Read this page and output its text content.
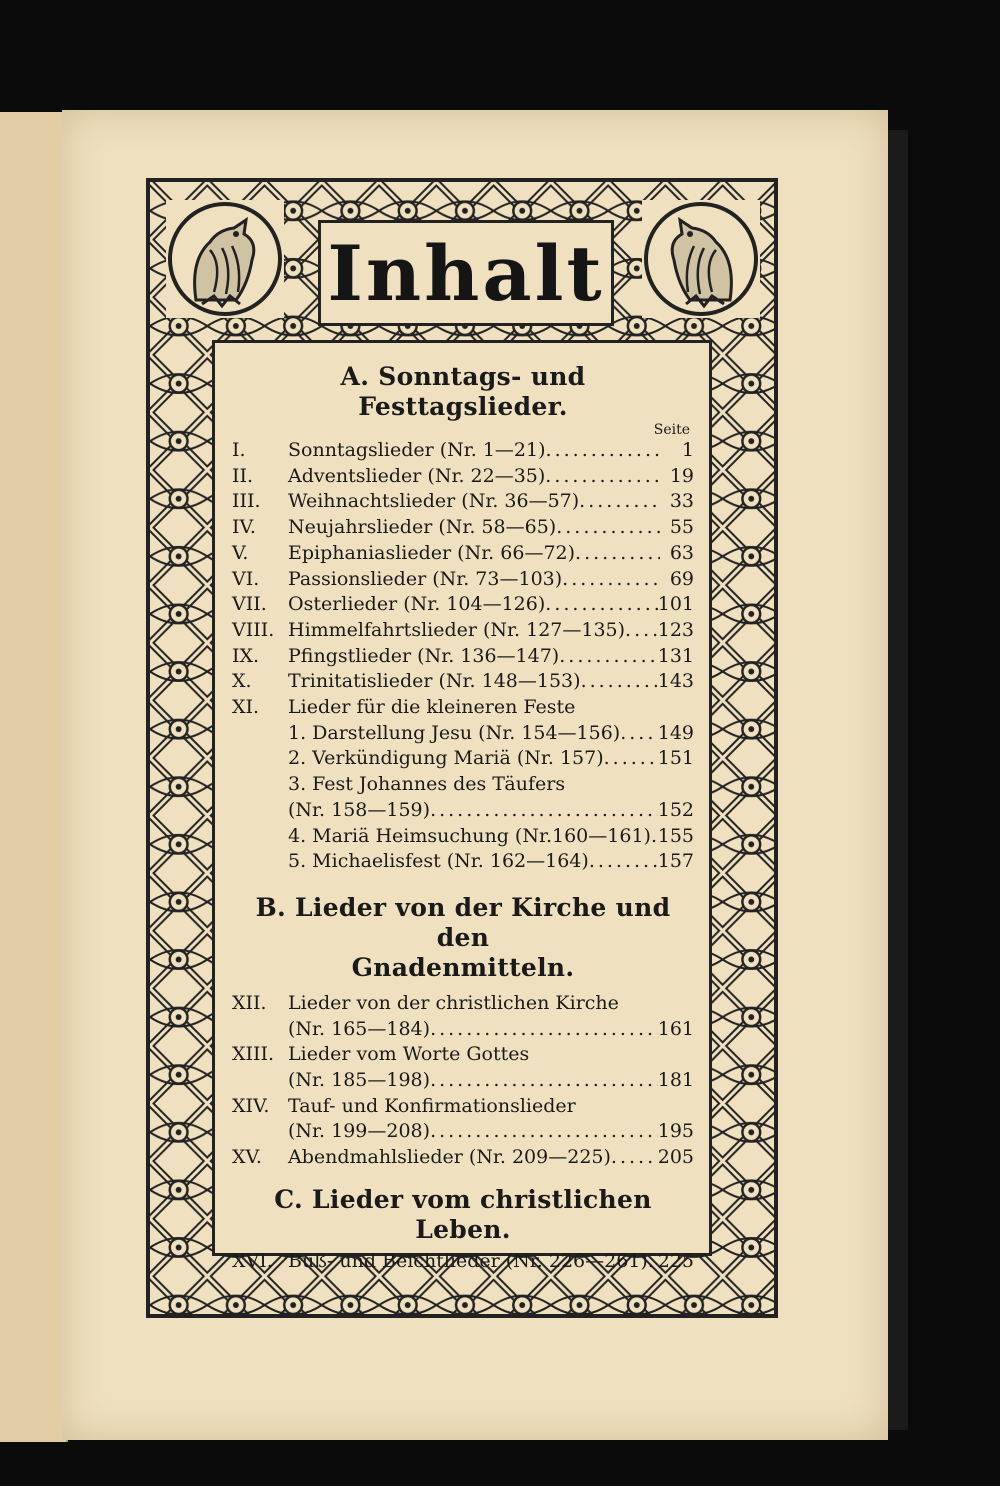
Inhalt
A. Sonntags- und Festtagslieder.
Seite
I.	Sonntagslieder (Nr. 1—21) .....	1
II.	Adventslieder (Nr. 22—35) .....	19
III.	Weihnachtslieder (Nr. 36—57) .....	33
IV.	Neujahrslieder (Nr. 58—65) .....	55
V.	Epiphaniaslieder (Nr. 66—72) .....	63
VI.	Passionslieder (Nr. 73—103) .....	69
VII.	Osterlieder (Nr. 104—126) .....	101
VIII. Himmelfahrtslieder (Nr. 127—135) ..... 123
IX.	Pfingstlieder (Nr. 136—147) .....	131
X.	Trinitatislieder (Nr. 148—153) .....	143
XI.	Lieder für die kleineren Feste
1. Darstellung Jesu (Nr. 154—156) ..... 149
2. Verkündigung Mariä (Nr. 157) .....	151
3. Fest Johannes des Täufers
(Nr. 158—159) .....	152
4. Mariä Heimsuchung (Nr.160—161) ..... 155
5. Michaelisfest (Nr. 162—164) .....	157
B. Lieder von der Kirche und den
Gnadenmitteln.
XII.	Lieder von der christlichen Kirche
(Nr. 165—184) .....	161
XIII. Lieder vom Worte Gottes
(Nr. 185—198) .....	181
XIV. Tauf- und Konfirmationslieder
(Nr. 199—208) .....	195
XV.	Abendmahlslieder (Nr. 209—225) ..... 205
C. Lieder vom christlichen Leben.
XVI. Buß- und Beichtlieder (Nr. 226—261) ..... 225
